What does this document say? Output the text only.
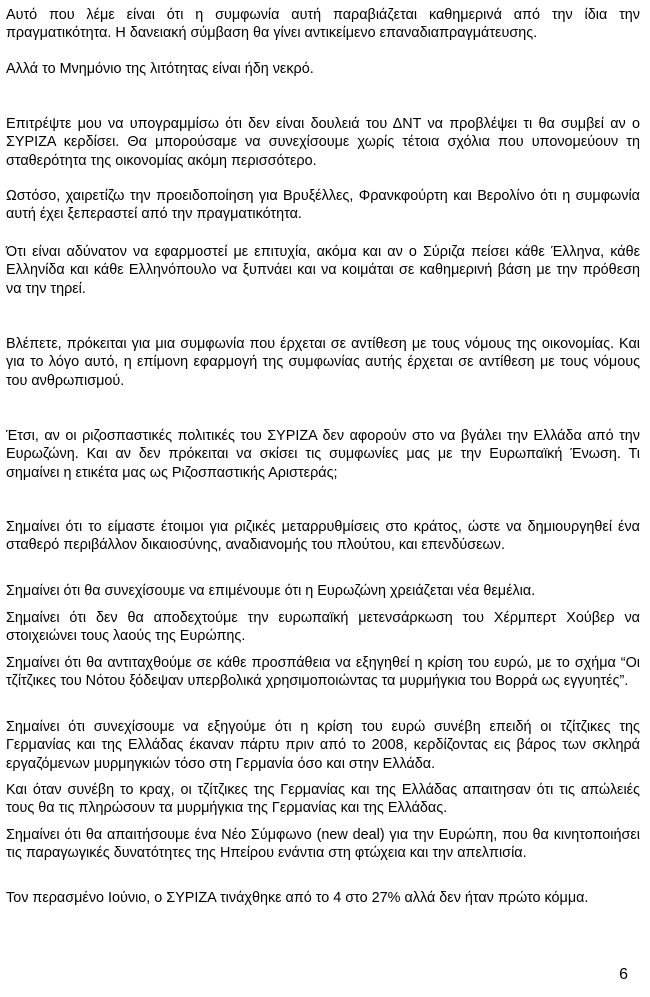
Αυτό που λέμε είναι ότι η συμφωνία αυτή παραβιάζεται καθημερινά από την ίδια την πραγματικότητα. Η δανειακή σύμβαση θα γίνει αντικείμενο επαναδιαπραγμάτευσης.

Αλλά το Μνημόνιο της λιτότητας είναι ήδη νεκρό.

Επιτρέψτε μου να υπογραμμίσω ότι δεν είναι δουλειά του ΔΝΤ να προβλέψει τι θα συμβεί αν ο ΣΥΡΙΖΑ κερδίσει. Θα μπορούσαμε να συνεχίσουμε χωρίς τέτοια σχόλια που υπονομεύουν τη σταθερότητα της οικονομίας ακόμη περισσότερο.

Ωστόσο, χαιρετίζω την προειδοποίηση για Βρυξέλλες, Φρανκφούρτη και Βερολίνο ότι η συμφωνία αυτή έχει ξεπεραστεί από την πραγματικότητα.

Ότι είναι αδύνατον να εφαρμοστεί με επιτυχία, ακόμα και αν ο Σύριζα πείσει κάθε Έλληνα, κάθε Ελληνίδα και κάθε Ελληνόπουλο να ξυπνάει και να κοιμάται σε καθημερινή βάση με την πρόθεση να την τηρεί.

Βλέπετε, πρόκειται για μια συμφωνία που έρχεται σε αντίθεση με τους νόμους της οικονομίας. Και για το λόγο αυτό, η επίμονη εφαρμογή της συμφωνίας αυτής έρχεται σε αντίθεση με τους νόμους του ανθρωπισμού.

Έτσι, αν οι ριζοσπαστικές πολιτικές του ΣΥΡΙΖΑ δεν αφορούν στο να βγάλει την Ελλάδα από την Ευρωζώνη. Και αν δεν πρόκειται να σκίσει τις συμφωνίες μας με την Ευρωπαϊκή Ένωση. Τι σημαίνει η ετικέτα μας ως Ριζοσπαστικής Αριστεράς;

Σημαίνει ότι το είμαστε έτοιμοι για ριζικές μεταρρυθμίσεις στο κράτος, ώστε να δημιουργηθεί ένα σταθερό περιβάλλον δικαιοσύνης, αναδιανομής του πλούτου, και επενδύσεων.

Σημαίνει ότι θα συνεχίσουμε να επιμένουμε ότι η Ευρωζώνη χρειάζεται νέα θεμέλια.

Σημαίνει ότι δεν θα αποδεχτούμε την ευρωπαϊκή μετενσάρκωση του Χέρμπερτ Χούβερ να στοιχειώνει τους λαούς της Ευρώπης.

Σημαίνει ότι θα αντιταχθούμε σε κάθε προσπάθεια να εξηγηθεί η κρίση του ευρώ, με το σχήμα “Οι τζίτζικες του Νότου ξόδεψαν υπερβολικά χρησιμοποιώντας τα μυρμήγκια του Βορρά ως εγγυητές”.

Σημαίνει ότι συνεχίσουμε να εξηγούμε ότι η κρίση του ευρώ συνέβη επειδή οι τζίτζικες της Γερμανίας και της Ελλάδας έκαναν πάρτυ πριν από το 2008, κερδίζοντας εις βάρος των σκληρά εργαζόμενων μυρμηγκιών τόσο στη Γερμανία όσο και στην Ελλάδα.

Και όταν συνέβη το κραχ, οι τζίτζικες της Γερμανίας και της Ελλάδας απαιτησαν ότι τις απώλειές τους θα τις πληρώσουν τα μυρμήγκια της Γερμανίας και της Ελλάδας.

Σημαίνει ότι θα απαιτήσουμε ένα Νέο Σύμφωνο (new deal) για την Ευρώπη, που θα κινητοποιήσει τις παραγωγικές δυνατότητες της Ηπείρου ενάντια στη φτώχεια και την απελπισία.

Τον περασμένο Ιούνιο, ο ΣΥΡΙΖΑ τινάχθηκε από το 4 στο 27% αλλά δεν ήταν πρώτο κόμμα.

6
